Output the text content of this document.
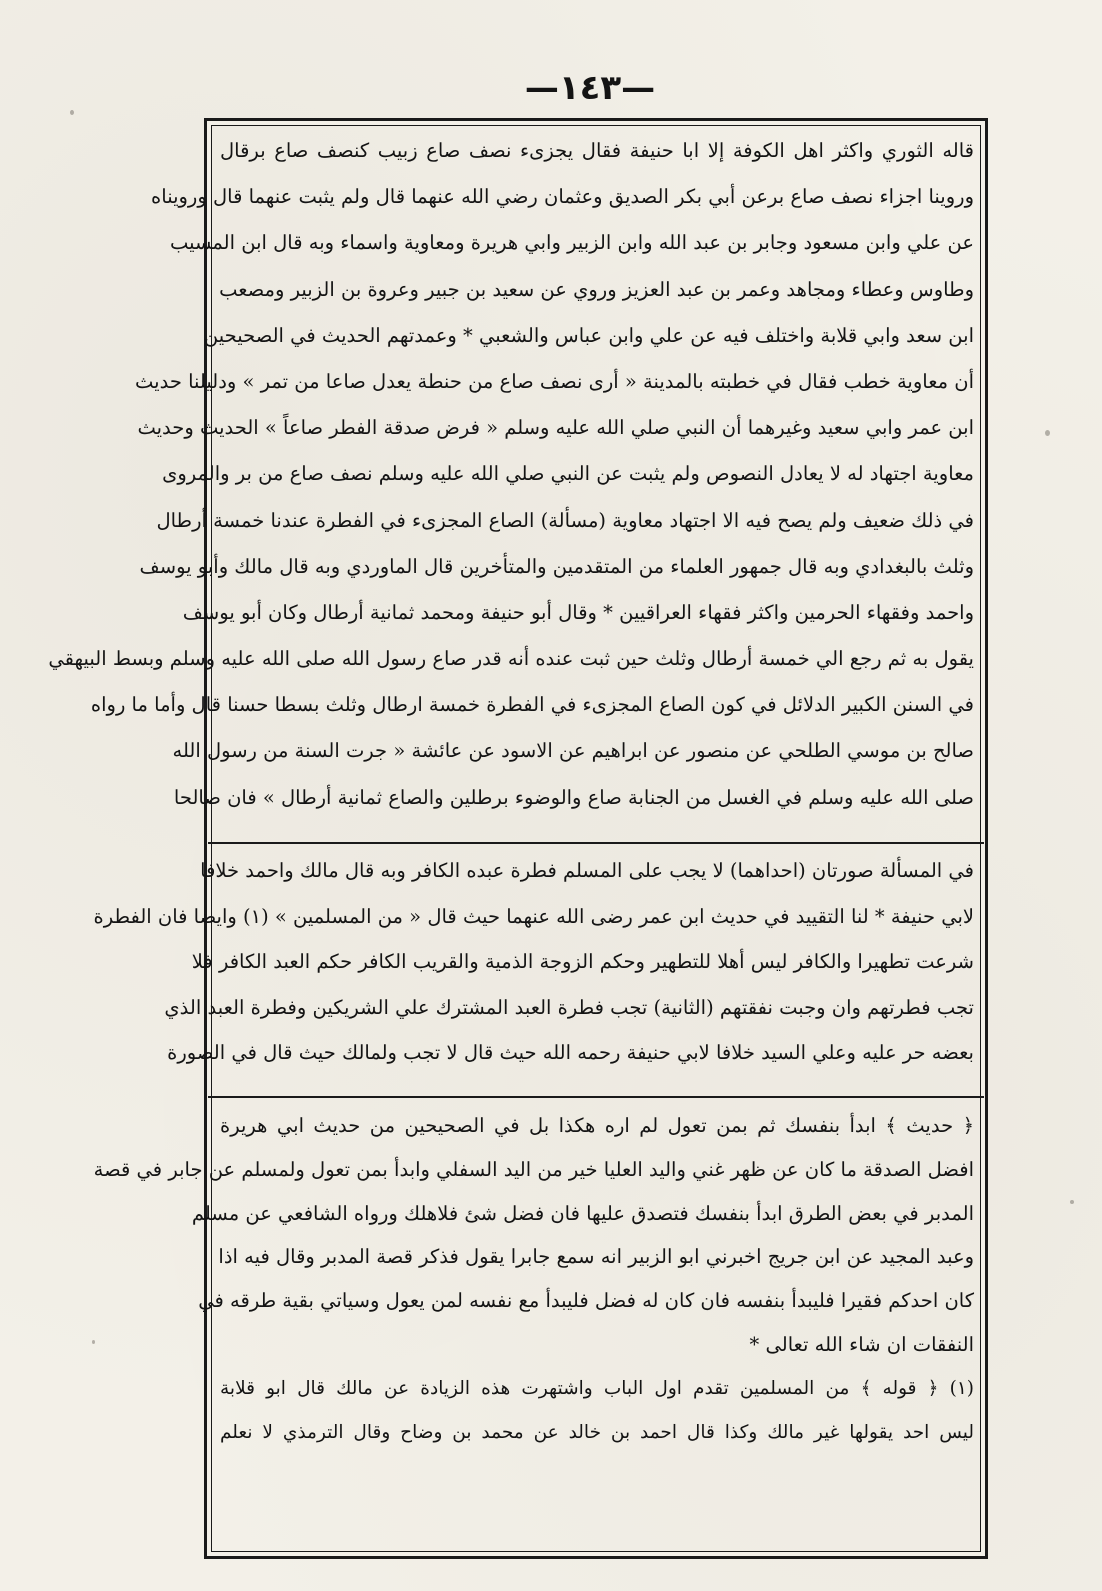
—١٤٣—
قاله الثوري واكثر اهل الكوفة إلا ابا حنيفة فقال يجزىء نصف صاع زبيب كنصف صاع برقال
وروينا اجزاء نصف صاع برعن أبي بكر الصديق وعثمان رضي الله عنهما قال ولم يثبت عنهما قال ورويناه
عن علي وابن مسعود وجابر بن عبد الله وابن الزبير وابي هريرة ومعاوية واسماء وبه قال ابن المسيب
وطاوس وعطاء ومجاهد وعمر بن عبد العزيز وروي عن سعيد بن جبير وعروة بن الزبير ومصعب
ابن سعد وابي قلابة واختلف فيه عن علي وابن عباس والشعبي * وعمدتهم الحديث في الصحيحين
أن معاوية خطب فقال في خطبته بالمدينة « أرى نصف صاع من حنطة يعدل صاعا من تمر » ودليلنا حديث
ابن عمر وابي سعيد وغيرهما أن النبي صلي الله عليه وسلم « فرض صدقة الفطر صاعاً » الحديث وحديث
معاوية اجتهاد له لا يعادل النصوص ولم يثبت عن النبي صلي الله عليه وسلم نصف صاع من بر والمروى
في ذلك ضعيف ولم يصح فيه الا اجتهاد معاوية (مسألة) الصاع المجزىء في الفطرة عندنا خمسة أرطال
وثلث بالبغدادي وبه قال جمهور العلماء من المتقدمين والمتأخرين قال الماوردي وبه قال مالك وأبو يوسف
واحمد وفقهاء الحرمين واكثر فقهاء العراقيين * وقال أبو حنيفة ومحمد ثمانية أرطال وكان أبو يوسف
يقول به ثم رجع الي خمسة أرطال وثلث حين ثبت عنده أنه قدر صاع رسول الله صلى الله عليه وسلم وبسط البيهقي
في السنن الكبير الدلائل في كون الصاع المجزىء في الفطرة خمسة ارطال وثلث بسطا حسنا قال وأما ما رواه
صالح بن موسي الطلحي عن منصور عن ابراهيم عن الاسود عن عائشة « جرت السنة من رسول الله
صلى الله عليه وسلم في الغسل من الجنابة صاع والوضوء برطلين والصاع ثمانية أرطال » فان صالحا
في المسألة صورتان (احداهما) لا يجب على المسلم فطرة عبده الكافر وبه قال مالك واحمد خلافا
لابي حنيفة * لنا التقييد في حديث ابن عمر رضى الله عنهما حيث قال « من المسلمين » (١) وايضا فان الفطرة
شرعت تطهيرا والكافر ليس أهلا للتطهير وحكم الزوجة الذمية والقريب الكافر حكم العبد الكافر فلا
تجب فطرتهم وان وجبت نفقتهم (الثانية) تجب فطرة العبد المشترك علي الشريكين وفطرة العبد الذي
بعضه حر عليه وعلي السيد خلافا لابي حنيفة رحمه الله حيث قال لا تجب ولمالك حيث قال في الصورة
﴿ حديث ﴾ ابدأ بنفسك ثم بمن تعول لم اره هكذا بل في الصحيحين من حديث ابي هريرة
افضل الصدقة ما كان عن ظهر غني واليد العليا خير من اليد السفلي وابدأ بمن تعول ولمسلم عن جابر في قصة
المدبر في بعض الطرق ابدأ بنفسك فتصدق عليها فان فضل شئ فلاهلك ورواه الشافعي عن مسلم
وعبد المجيد عن ابن جريج اخبرني ابو الزبير انه سمع جابرا يقول فذكر قصة المدبر وقال فيه اذا
كان احدكم فقيرا فليبدأ بنفسه فان كان له فضل فليبدأ مع نفسه لمن يعول وسياتي بقية طرقه في
النفقات ان شاء الله تعالى *
(١) ﴿ قوله ﴾ من المسلمين تقدم اول الباب واشتهرت هذه الزيادة عن مالك قال ابو قلابة
ليس احد يقولها غير مالك وكذا قال احمد بن خالد عن محمد بن وضاح وقال الترمذي لا نعلم
